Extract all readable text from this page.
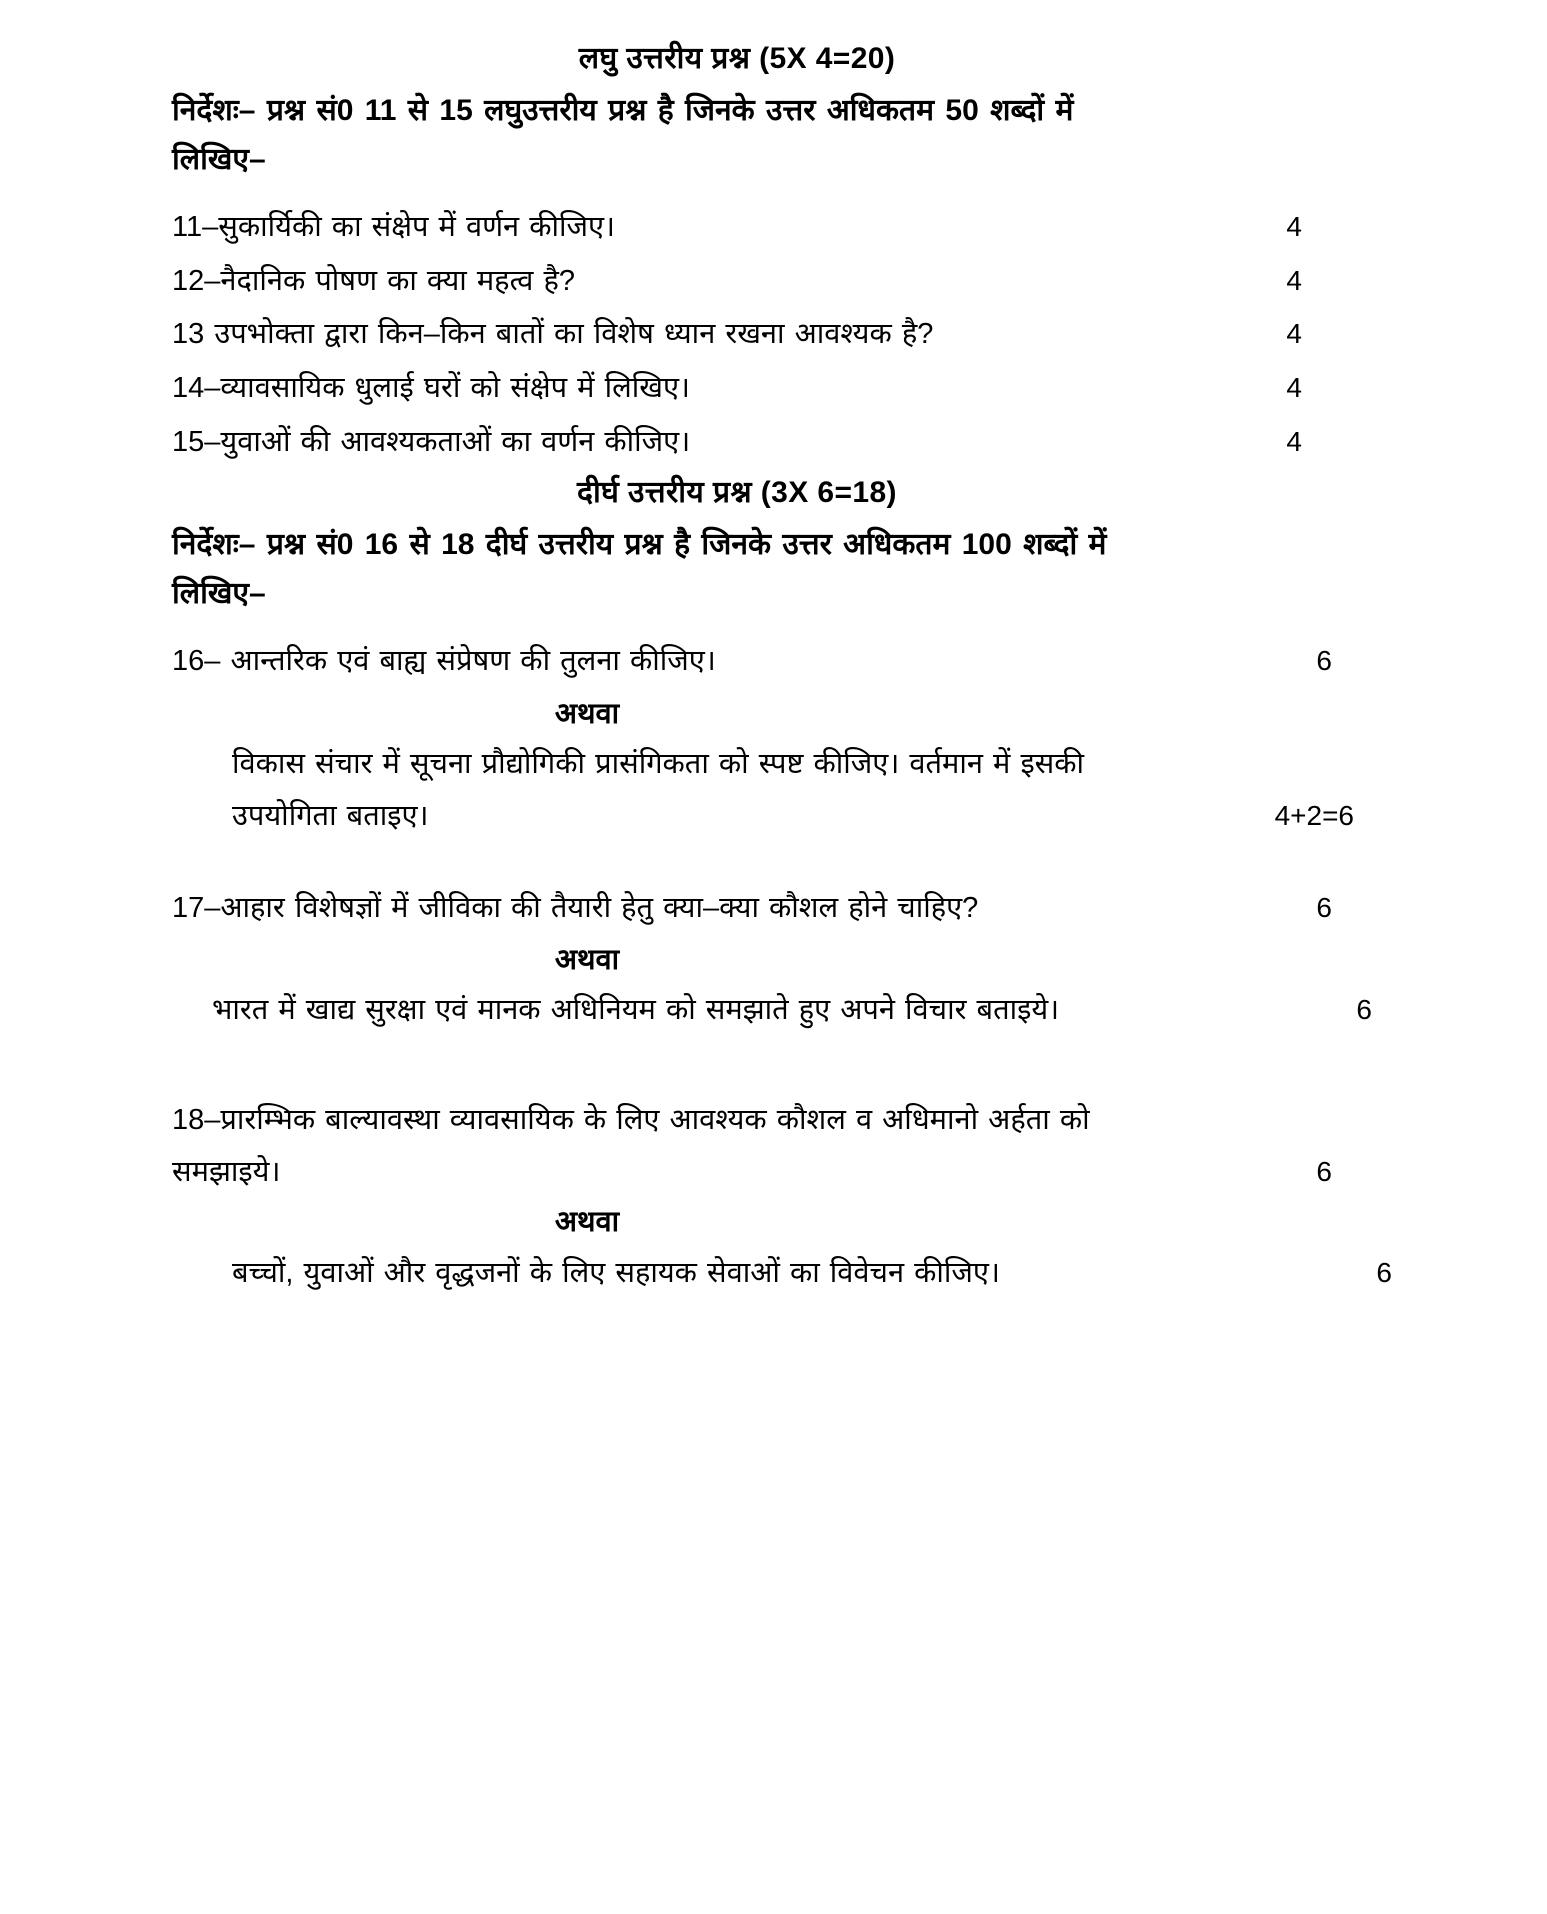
लघु उत्तरीय प्रश्न (5X 4=20)
निर्देशः– प्रश्न सं0 11 से 15 लघुउत्तरीय प्रश्न है जिनके उत्तर अधिकतम 50 शब्दों में
लिखिए–
11–सुकार्यिकी का संक्षेप में वर्णन कीजिए।	4
12–नैदानिक पोषण का क्या महत्व है?	4
13 उपभोक्ता द्वारा किन–किन बातों का विशेष ध्यान रखना आवश्यक है?	4
14–व्यावसायिक धुलाई घरों को संक्षेप में लिखिए।	4
15–युवाओं की आवश्यकताओं का वर्णन कीजिए।	4
दीर्घ उत्तरीय प्रश्न (3X 6=18)
निर्देशः– प्रश्न सं0 16 से 18 दीर्घ उत्तरीय प्रश्न है जिनके उत्तर अधिकतम 100 शब्दों में
लिखिए–
16– आन्तरिक एवं बाह्य संप्रेषण की तुलना कीजिए।	6
अथवा
विकास संचार में सूचना प्रौद्योगिकी प्रासंगिकता को स्पष्ट कीजिए। वर्तमान में इसकी
उपयोगिता बताइए।	4+2=6
17–आहार विशेषज्ञों में जीविका की तैयारी हेतु क्या–क्या कौशल होने चाहिए?	6
अथवा
भारत में खाद्य सुरक्षा एवं मानक अधिनियम को समझाते हुए अपने विचार बताइये।	6
18–प्रारम्भिक बाल्यावस्था व्यावसायिक के लिए आवश्यक कौशल व अधिमानो अर्हता को
समझाइये।	6
अथवा
बच्चों, युवाओं और वृद्धजनों के लिए सहायक सेवाओं का विवेचन कीजिए।	6
